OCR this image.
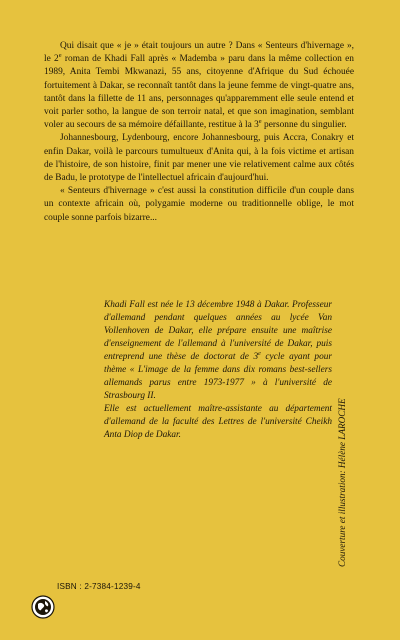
Qui disait que « je » était toujours un autre ? Dans « Senteurs d'hivernage », le 2e roman de Khadi Fall après « Mademba » paru dans la même collection en 1989, Anita Tembi Mkwanazi, 55 ans, citoyenne d'Afrique du Sud échouée fortuitement à Dakar, se reconnaît tantôt dans la jeune femme de vingt-quatre ans, tantôt dans la fillette de 11 ans, personnages qu'apparemment elle seule entend et voit parler sotho, la langue de son terroir natal, et que son imagination, semblant voler au secours de sa mémoire défaillante, restitue à la 3e personne du singulier.

Johannesbourg, Lydenbourg, encore Johannesbourg, puis Accra, Conakry et enfin Dakar, voilà le parcours tumultueux d'Anita qui, à la fois victime et artisan de l'histoire, de son histoire, finit par mener une vie relativement calme aux côtés de Badu, le prototype de l'intellectuel africain d'aujourd'hui.

« Senteurs d'hivernage » c'est aussi la constitution difficile d'un couple dans un contexte africain où, polygamie moderne ou traditionnelle oblige, le mot couple sonne parfois bizarre...

Khadi Fall est née le 13 décembre 1948 à Dakar. Professeur d'allemand pendant quelques années au lycée Van Vollenhoven de Dakar, elle prépare ensuite une maîtrise d'enseignement de l'allemand à l'université de Dakar, puis entreprend une thèse de doctorat de 3e cycle ayant pour thème « L'image de la femme dans dix romans best-sellers allemands parus entre 1973-1977 » à l'université de Strasbourg II.

Elle est actuellement maître-assistante au département d'allemand de la faculté des Lettres de l'université Cheikh Anta Diop de Dakar.	Couverture et illustration: Hélène LAROCHE
ISBN : 2-7384-1239-4
